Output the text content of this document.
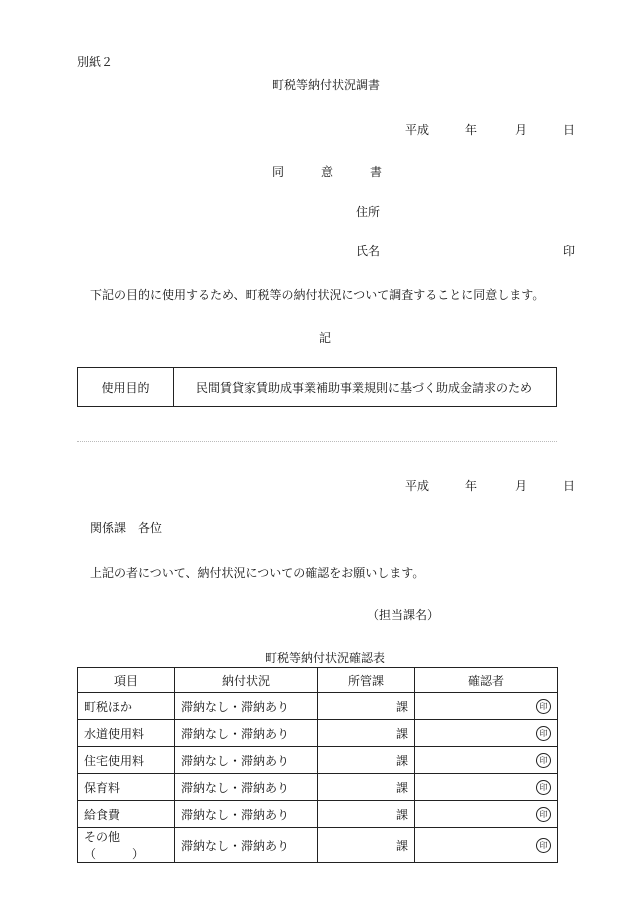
別紙２
町税等納付状況調書
平成	年	月	日
同	意	書
住所
氏名	印
下記の目的に使用するため、町税等の納付状況について調査することに同意します。
記
使用目的	民間賃貸家賃助成事業補助事業規則に基づく助成金請求のため
平成	年	月	日
関係課　各位
上記の者について、納付状況についての確認をお願いします。
（担当課名）
町税等納付状況確認表
項目	納付状況	所管課	確認者
町税ほか	滞納なし・滞納あり	課	印
水道使用料	滞納なし・滞納あり	課	印
住宅使用料	滞納なし・滞納あり	課	印
保育料	滞納なし・滞納あり	課	印
給食費	滞納なし・滞納あり	課	印
その他（　　　）	滞納なし・滞納あり	課	印
